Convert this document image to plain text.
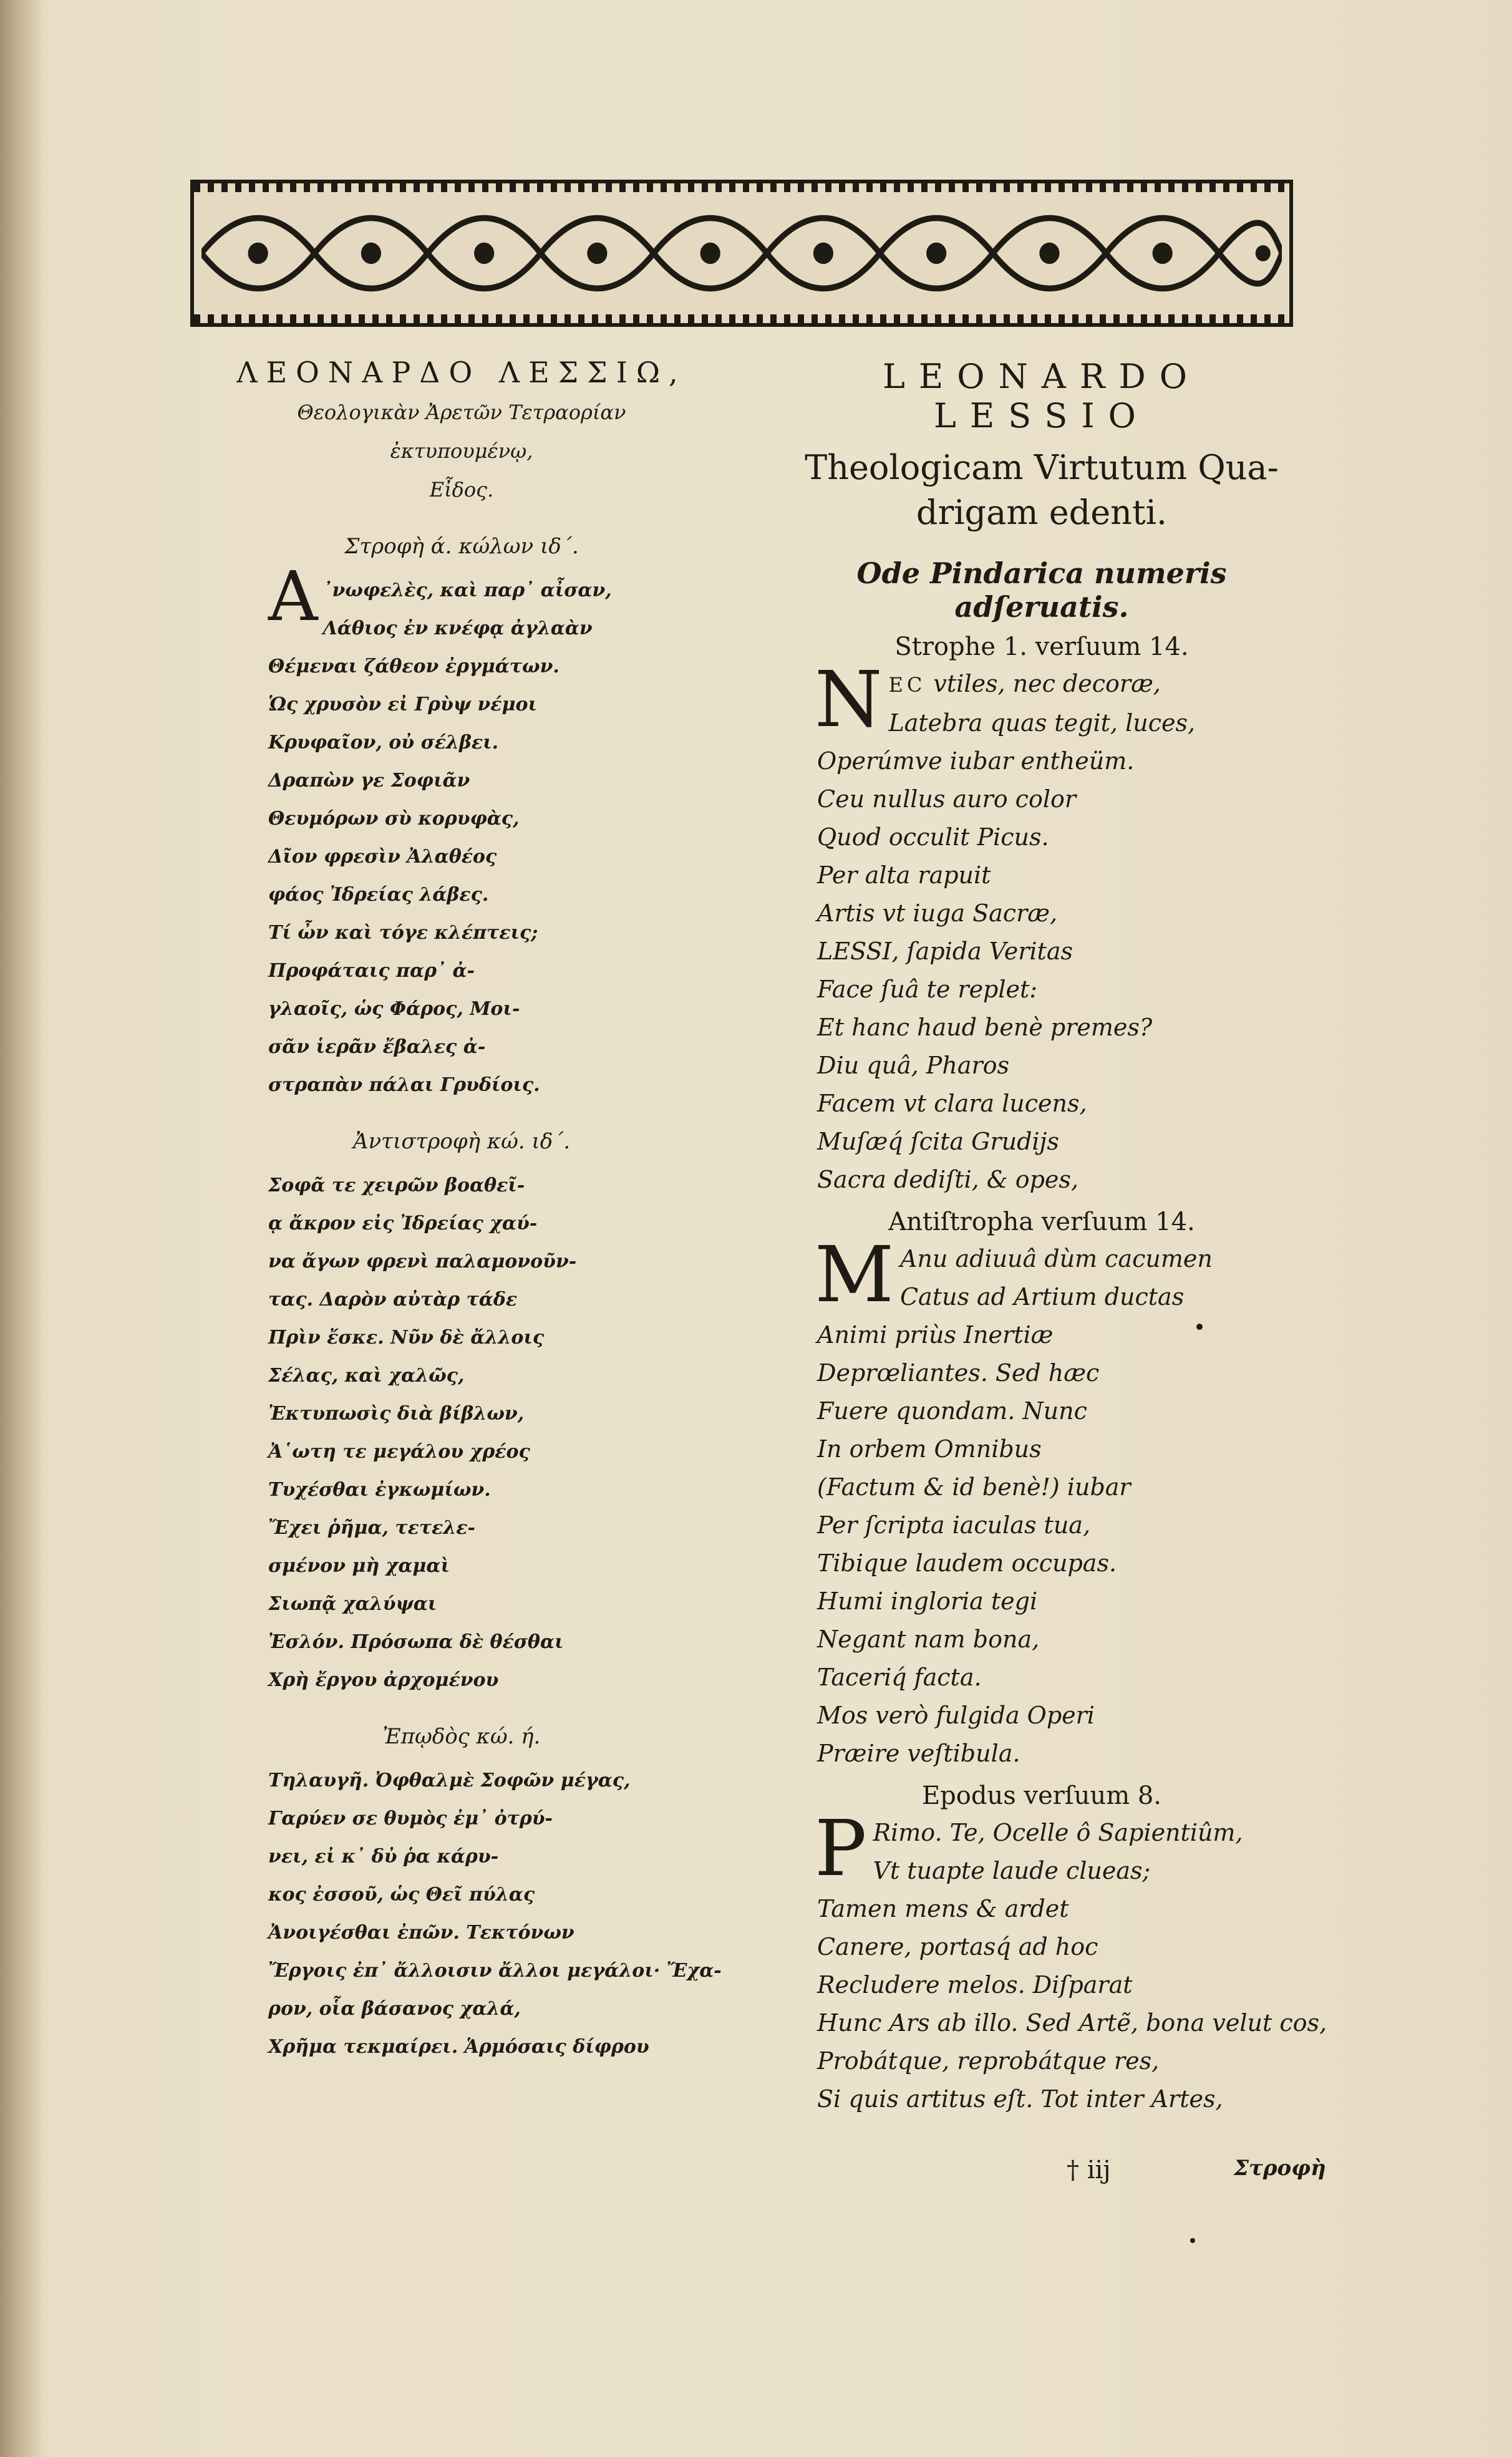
ΛΕΟΝΑΡΔΟ ΛΕΣΣΙΩ,
Θεολογικὰν Ἀρετῶν Τετραορίαν
ἐκτυπουμένῳ,
Εἶδος.
Στροφὴ ά. κώλων ιδ΄.
Α ᾽νωφελὲς, καὶ παρ᾽ αἶσαν,
Λάθιος ἐν κνέφᾳ ἀγλαὰν
Θέμεναι ζάθεον ἐργμάτων.
Ὡς χρυσὸν εἰ Γρὺψ νέμοι
Κρυφαῖον, οὐ σέλβει.
Δραπὼν γε Σοφιᾶν
Θευμόρων σὺ κορυφὰς,
Δῖον φρεσὶν Ἀλαθέος
φάος Ἰδρείας λάβες.
Τί ὦν καὶ τόγε κλέπτεις;
Προφάταις παρ᾽ ἀ-
γλαοῖς, ὡς Φάρος, Μοι-
σᾶν ἱερᾶν ἔβαλες ἀ-
στραπὰν πάλαι Γρυδίοις.
Ἀντιστροφὴ κώ. ιδ΄.
Σοφᾶ τε χειρῶν βοαθεῖ-
ᾳ ἄκρον εἰς Ἰδρείας χαύ-
να ἄγων φρενὶ παλαμονοῦν-
τας. Δαρὸν αὐτὰρ τάδε
Πρὶν ἔσκε. Νῦν δὲ ἄλλοις
Σέλας, καὶ χαλῶς,
Ἐκτυπωσὶς διὰ βίβλων,
Ἀ῾ωτη τε μεγάλου χρέος
Τυχέσθαι ἐγκωμίων.
Ἔχει ῥῆμα, τετελε-
σμένον μὴ χαμαὶ
Σιωπᾷ χαλύψαι
Ἐσλόν. Πρόσωπα δὲ θέσθαι
Χρὴ ἔργου ἀρχομένου
Ἐπῳδὸς κώ. ή.
Τηλαυγῆ. Ὀφθαλμὲ Σοφῶν μέγας,
Γαρύεν σε θυμὸς ἐμ᾽ ὀτρύ-
νει, εἰ κ᾽ δὐ ῥα κάρυ-
κος ἐσσοῦ, ὡς Θεῖ πύλας
Ἀνοιγέσθαι ἐπῶν. Τεκτόνων
Ἔργοις ἐπ᾽ ἄλλοισιν ἄλλοι μεγάλοι· Ἔχα-
ρον, οἷα βάσανος χαλά,
Χρῆμα τεκμαίρει. Ἁρμόσαις δίφρου
LEONARDO LESSIO
Theologicam Virtutum Qua-
drigam edenti.
Ode Pindarica numeris adſeruatis.
Strophe 1. verſuum 14.
N EC vtiles, nec decoræ,
Latebra quas tegit, luces,
Operúmve iubar entheüm.
Ceu nullus auro color
Quod occulit Picus.
Per alta rapuit
Artis vt iuga Sacræ,
LESSI, ſapida Veritas
Face ſuâ te replet:
Et hanc haud benè premes?
Diu quâ, Pharos
Facem vt clara lucens,
Muſæq́ ſcita Grudijs
Sacra dediſti, & opes,
Antiſtropha verſuum 14.
M Anu adiuuâ dùm cacumen
Catus ad Artium ductas
Animi priùs Inertiæ
Deprœliantes. Sed hæc
Fuere quondam. Nunc
In orbem Omnibus
(Factum & id benè!) iubar
Per ſcripta iaculas tua,
Tibique laudem occupas.
Humi ingloria tegi
Negant nam bona,
Taceriq́ facta.
Mos verò fulgida Operi
Præire veſtibula.
Epodus verſuum 8.
P Rimo. Te, Ocelle ô Sapientiûm,
Vt tuapte laude clueas;
Tamen mens & ardet
Canere, portasq́ ad hoc
Recludere melos. Diſparat
Hunc Ars ab illo. Sed Artẽ, bona velut cos,
Probátque, reprobátque res,
Si quis artitus eſt. Tot inter Artes,
† iij	Στροφὴ
